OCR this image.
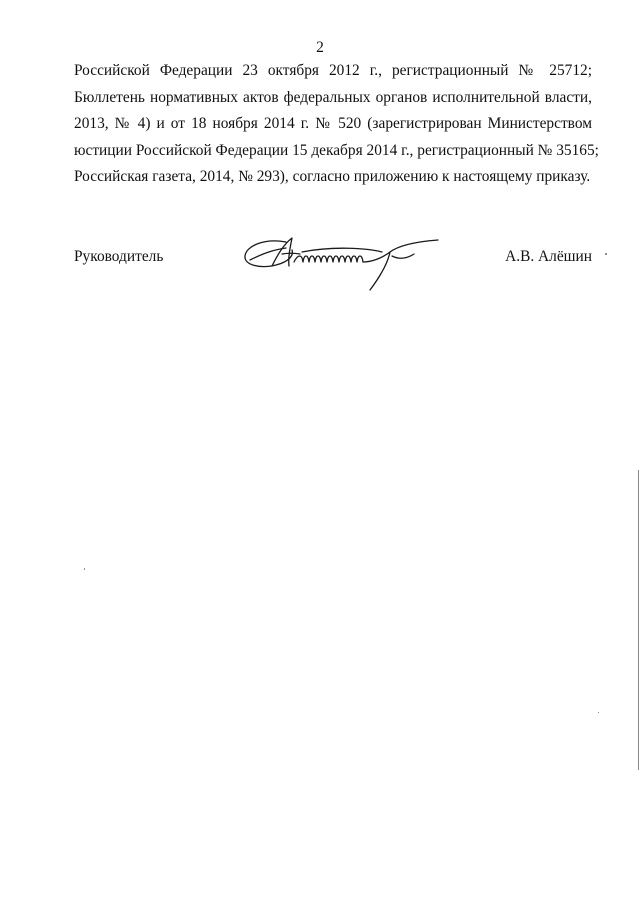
2
Российской Федерации 23 октября 2012 г., регистрационный № 25712;
Бюллетень нормативных актов федеральных органов исполнительной власти,
2013, № 4) и от 18 ноября 2014 г. № 520 (зарегистрирован Министерством
юстиции Российской Федерации 15 декабря 2014 г., регистрационный № 35165;
Российская газета, 2014, № 293), согласно приложению к настоящему приказу.
Руководитель	А.В. Алёшин
